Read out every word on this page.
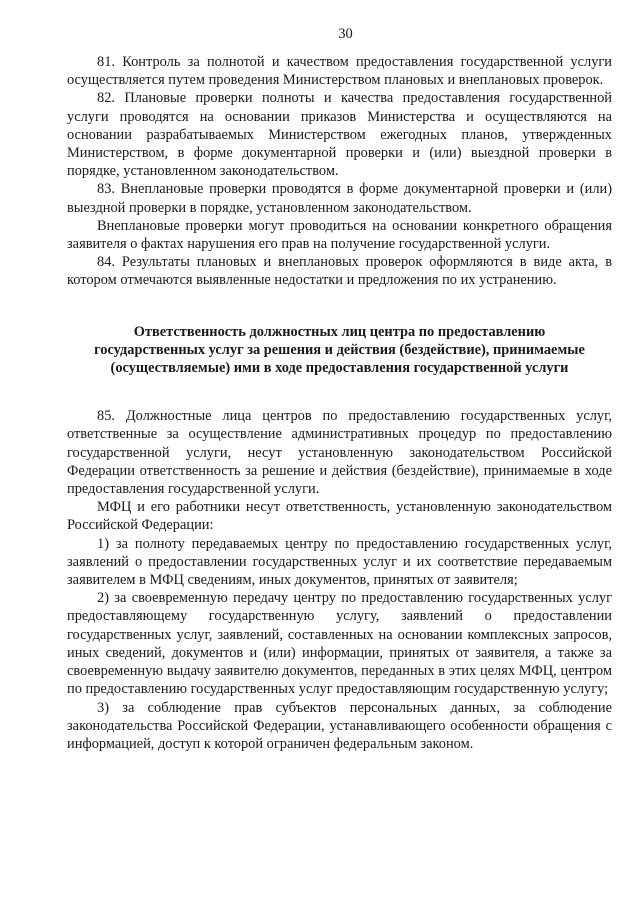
30

81. Контроль за полнотой и качеством предоставления государственной услуги осуществляется путем проведения Министерством плановых и внеплановых проверок.

82. Плановые проверки полноты и качества предоставления государственной услуги проводятся на основании приказов Министерства и осуществляются на основании разрабатываемых Министерством ежегодных планов, утвержденных Министерством, в форме документарной проверки и (или) выездной проверки в порядке, установленном законодательством.

83. Внеплановые проверки проводятся в форме документарной проверки и (или) выездной проверки в порядке, установленном законодательством.

Внеплановые проверки могут проводиться на основании конкретного обращения заявителя о фактах нарушения его прав на получение государственной услуги.

84. Результаты плановых и внеплановых проверок оформляются в виде акта, в котором отмечаются выявленные недостатки и предложения по их устранению.

Ответственность должностных лиц центра по предоставлению государственных услуг за решения и действия (бездействие), принимаемые (осуществляемые) ими в ходе предоставления государственной услуги

85. Должностные лица центров по предоставлению государственных услуг, ответственные за осуществление административных процедур по предоставлению государственной услуги, несут установленную законодательством Российской Федерации ответственность за решение и действия (бездействие), принимаемые в ходе предоставления государственной услуги.

МФЦ и его работники несут ответственность, установленную законодательством Российской Федерации:

1) за полноту передаваемых центру по предоставлению государственных услуг, заявлений о предоставлении государственных услуг и их соответствие передаваемым заявителем в МФЦ сведениям, иных документов, принятых от заявителя;

2) за своевременную передачу центру по предоставлению государственных услуг предоставляющему государственную услугу, заявлений о предоставлении государственных услуг, заявлений, составленных на основании комплексных запросов, иных сведений, документов и (или) информации, принятых от заявителя, а также за своевременную выдачу заявителю документов, переданных в этих целях МФЦ, центром по предоставлению государственных услуг предоставляющим государственную услугу;

3) за соблюдение прав субъектов персональных данных, за соблюдение законодательства Российской Федерации, устанавливающего особенности обращения с информацией, доступ к которой ограничен федеральным законом.
